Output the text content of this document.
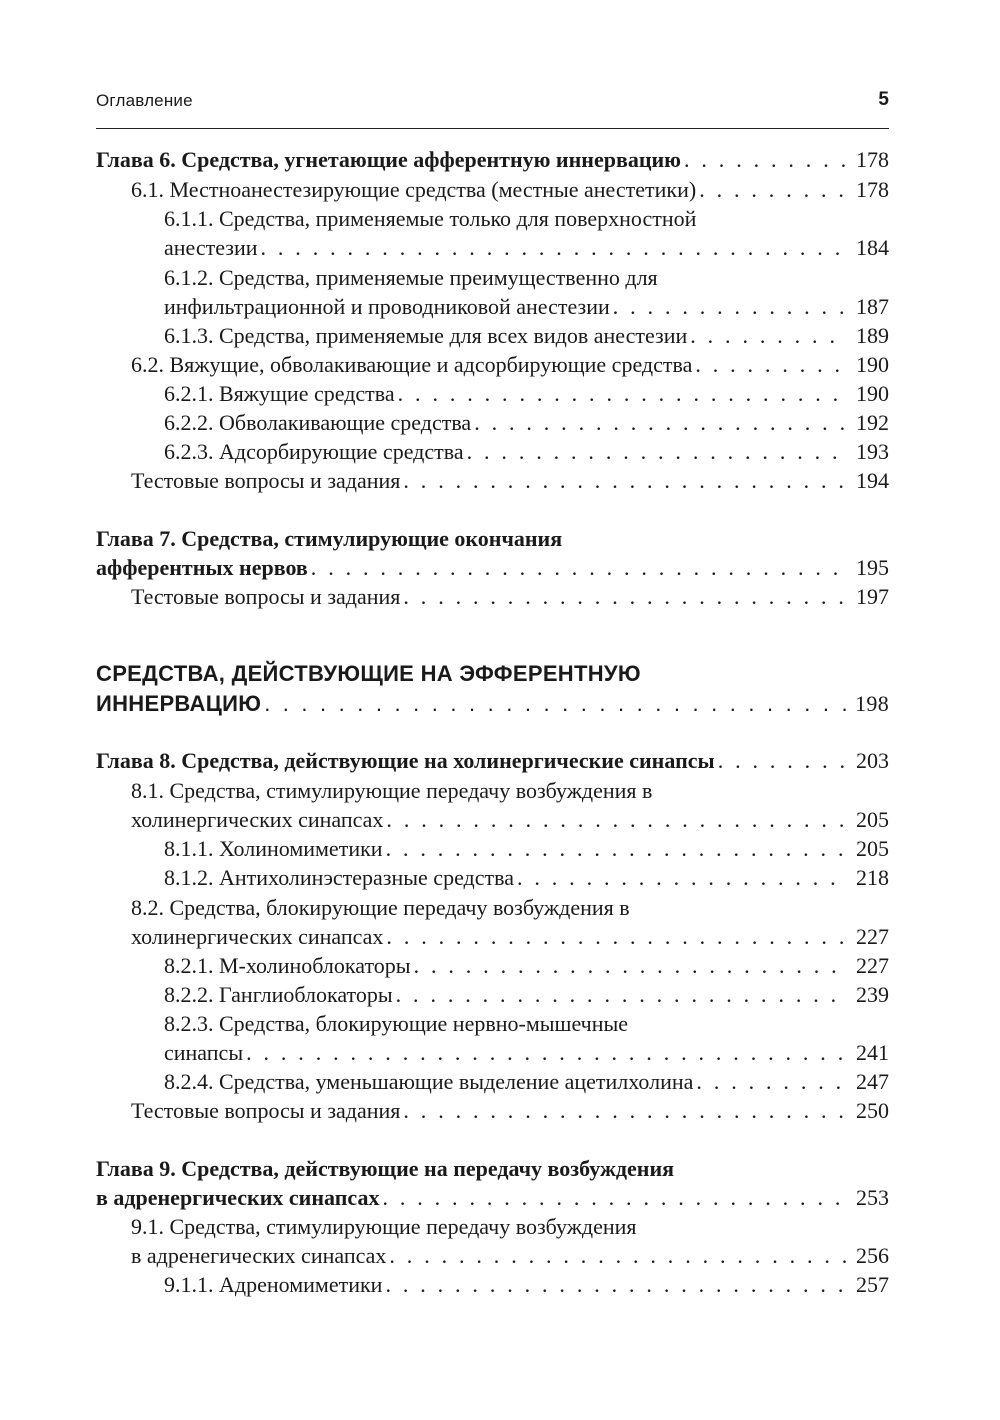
Оглавление	5
Глава 6. Средства, угнетающие афферентную иннервацию . . .	178
6.1. Местноанестезирующие средства (местные анестетики) . . .	178
6.1.1. Средства, применяемые только для поверхностной
анестезии . . .	184
6.1.2. Средства, применяемые преимущественно для
инфильтрационной и проводниковой анестезии . . .	187
6.1.3. Средства, применяемые для всех видов анестезии . . .	189
6.2. Вяжущие, обволакивающие и адсорбирующие средства . . .	190
6.2.1. Вяжущие средства . . .	190
6.2.2. Обволакивающие средства . . .	192
6.2.3. Адсорбирующие средства . . .	193
Тестовые вопросы и задания . . .	194
Глава 7. Средства, стимулирующие окончания
афферентных нервов . . .	195
Тестовые вопросы и задания . . .	197
СРЕДСТВА, ДЕЙСТВУЮЩИЕ НА ЭФФЕРЕНТНУЮ
ИННЕРВАЦИЮ . . .	198
Глава 8. Средства, действующие на холинергические синапсы . . .	203
8.1. Средства, стимулирующие передачу возбуждения в
холинергических синапсах . . .	205
8.1.1. Холиномиметики . . .	205
8.1.2. Антихолинэстеразные средства . . .	218
8.2. Средства, блокирующие передачу возбуждения в
холинергических синапсах . . .	227
8.2.1. М-холиноблокаторы . . .	227
8.2.2. Ганглиоблокаторы . . .	239
8.2.3. Средства, блокирующие нервно-мышечные
синапсы . . .	241
8.2.4. Средства, уменьшающие выделение ацетилхолина . . .	247
Тестовые вопросы и задания . . .	250
Глава 9. Средства, действующие на передачу возбуждения
в адренергических синапсах . . .	253
9.1. Средства, стимулирующие передачу возбуждения
в адренегических синапсах . . .	256
9.1.1. Адреномиметики . . .	257
